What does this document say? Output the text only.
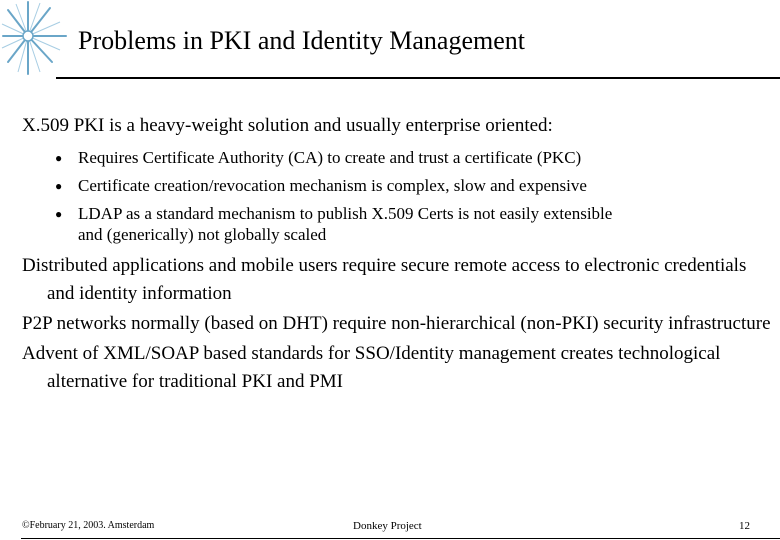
Problems in PKI and Identity Management
X.509 PKI is a heavy-weight solution and usually enterprise oriented:
● Requires Certificate Authority (CA) to create and trust a certificate (PKC)
● Certificate creation/revocation mechanism is complex, slow and expensive
● LDAP as a standard mechanism to publish X.509 Certs is not easily extensible
and (generically) not globally scaled
Distributed applications and mobile users require secure remote access to electronic credentials and identity information
P2P networks normally (based on DHT) require non-hierarchical (non-PKI) security infrastructure
Advent of XML/SOAP based standards for SSO/Identity management creates technological alternative for traditional PKI and PMI
©February 21, 2003. Amsterdam	Donkey Project	12
